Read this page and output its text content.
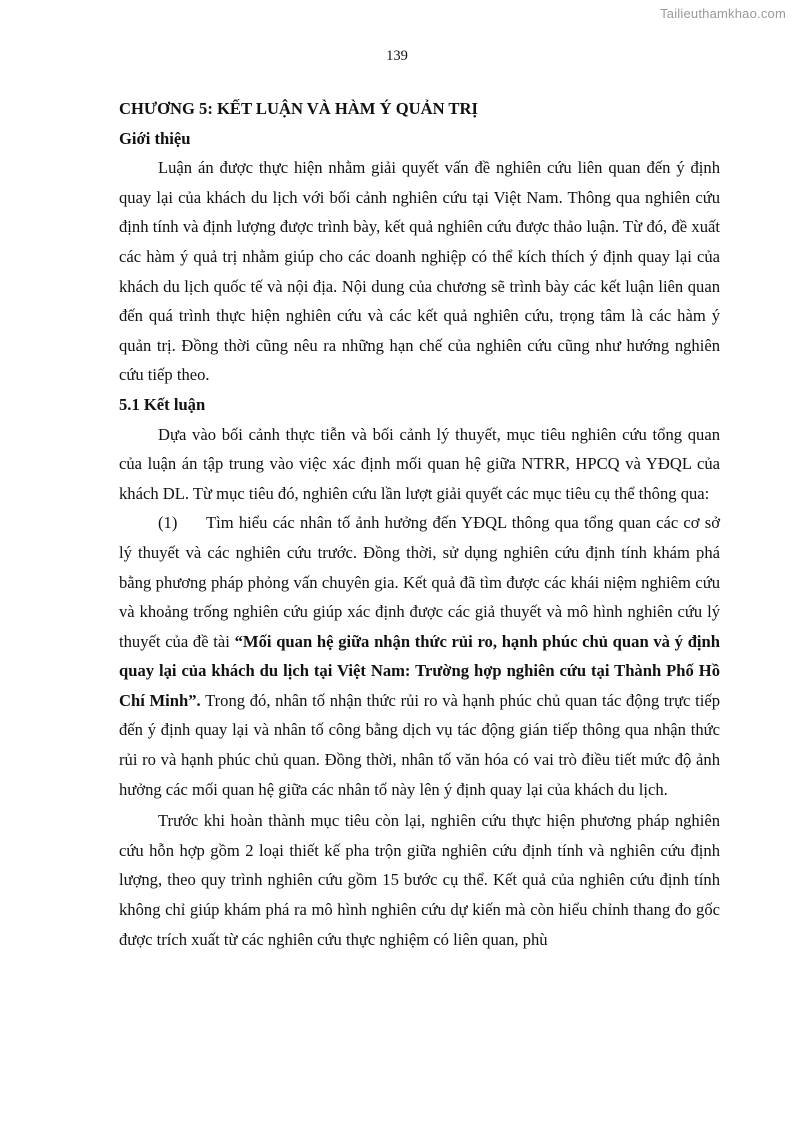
Tailieuthamkhao.com
139
CHƯƠNG 5: KẾT LUẬN VÀ HÀM Ý QUẢN TRỊ
Giới thiệu

Luận án được thực hiện nhằm giải quyết vấn đề nghiên cứu liên quan đến ý định quay lại của khách du lịch với bối cảnh nghiên cứu tại Việt Nam. Thông qua nghiên cứu định tính và định lượng được trình bày, kết quả nghiên cứu được thảo luận. Từ đó, đề xuất các hàm ý quả trị nhằm giúp cho các doanh nghiệp có thể kích thích ý định quay lại của khách du lịch quốc tế và nội địa. Nội dung của chương sẽ trình bày các kết luận liên quan đến quá trình thực hiện nghiên cứu và các kết quả nghiên cứu, trọng tâm là các hàm ý quản trị. Đồng thời cũng nêu ra những hạn chế của nghiên cứu cũng như hướng nghiên cứu tiếp theo.

5.1 Kết luận

Dựa vào bối cảnh thực tiễn và bối cảnh lý thuyết, mục tiêu nghiên cứu tổng quan của luận án tập trung vào việc xác định mối quan hệ giữa NTRR, HPCQ và YĐQL của khách DL. Từ mục tiêu đó, nghiên cứu lần lượt giải quyết các mục tiêu cụ thể thông qua:

(1) Tìm hiểu các nhân tố ảnh hưởng đến YĐQL thông qua tổng quan các cơ sở lý thuyết và các nghiên cứu trước. Đồng thời, sử dụng nghiên cứu định tính khám phá bằng phương pháp phỏng vấn chuyên gia. Kết quả đã tìm được các khái niệm nghiêm cứu và khoảng trống nghiên cứu giúp xác định được các giả thuyết và mô hình nghiên cứu lý thuyết của đề tài “Mối quan hệ giữa nhận thức rủi ro, hạnh phúc chủ quan và ý định quay lại của khách du lịch tại Việt Nam: Trường hợp nghiên cứu tại Thành Phố Hồ Chí Minh”. Trong đó, nhân tố nhận thức rủi ro và hạnh phúc chủ quan tác động trực tiếp đến ý định quay lại và nhân tố công bằng dịch vụ tác động gián tiếp thông qua nhận thức rủi ro và hạnh phúc chủ quan. Đồng thời, nhân tố văn hóa có vai trò điều tiết mức độ ảnh hưởng các mối quan hệ giữa các nhân tố này lên ý định quay lại của khách du lịch.

Trước khi hoàn thành mục tiêu còn lại, nghiên cứu thực hiện phương pháp nghiên cứu hỗn hợp gồm 2 loại thiết kế pha trộn giữa nghiên cứu định tính và nghiên cứu định lượng, theo quy trình nghiên cứu gồm 15 bước cụ thể. Kết quả của nghiên cứu định tính không chỉ giúp khám phá ra mô hình nghiên cứu dự kiến mà còn hiểu chỉnh thang đo gốc được trích xuất từ các nghiên cứu thực nghiệm có liên quan, phù
